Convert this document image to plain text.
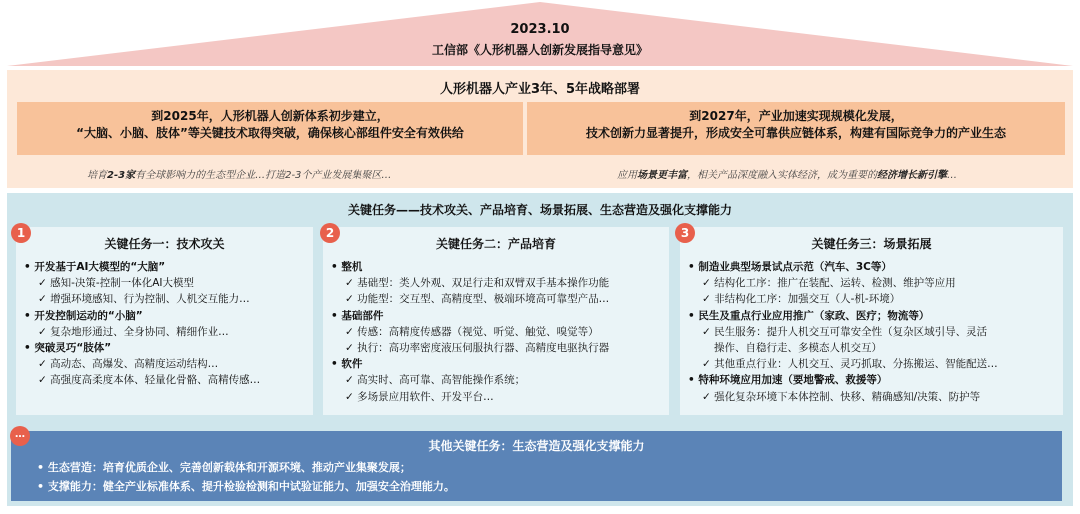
2023.10
工信部《人形机器人创新发展指导意见》
人形机器人产业3年、5年战略部署
到2025年，人形机器人创新体系初步建立，
“大脑、小脑、肢体”等关键技术取得突破，确保核心部组件安全有效供给
到2027年，产业加速实现规模化发展，
技术创新力显著提升，形成安全可靠供应链体系，构建有国际竞争力的产业生态
培育2-3家有全球影响力的生态型企业…打造2-3个产业发展集聚区…	应用场景更丰富，相关产品深度融入实体经济，成为重要的经济增长新引擎…
关键任务——技术攻关、产品培育、场景拓展、生态营造及强化支撑能力
关键任务一：技术攻关
• 开发基于AI大模型的“大脑”
✓ 感知-决策-控制一体化AI大模型
✓ 增强环境感知、行为控制、人机交互能力…
• 开发控制运动的“小脑”
✓ 复杂地形通过、全身协同、精细作业…
• 突破灵巧“肢体”
✓ 高动态、高爆发、高精度运动结构…
✓ 高强度高柔度本体、轻量化骨骼、高精传感…
关键任务二：产品培育
• 整机
✓ 基础型：类人外观、双足行走和双臂双手基本操作功能
✓ 功能型：交互型、高精度型、极端环境高可靠型产品…
• 基础部件
✓ 传感：高精度传感器（视觉、听觉、触觉、嗅觉等）
✓ 执行：高功率密度液压伺服执行器、高精度电驱执行器
• 软件
✓ 高实时、高可靠、高智能操作系统；
✓ 多场景应用软件、开发平台…
关键任务三：场景拓展
• 制造业典型场景试点示范（汽车、3C等）
✓ 结构化工序：推广在装配、运转、检测、维护等应用
✓ 非结构化工序：加强交互（人-机-环境）
• 民生及重点行业应用推广（家政、医疗；物流等）
✓ 民生服务：提升人机交互可靠安全性（复杂区域引导、灵活
操作、自稳行走、多模态人机交互）
✓ 其他重点行业：人机交互、灵巧抓取、分拣搬运、智能配送…
• 特种环境应用加速（要地警戒、救援等）
✓ 强化复杂环境下本体控制、快移、精确感知/决策、防护等
1	2	3
其他关键任务：生态营造及强化支撑能力
• 生态营造：培育优质企业、完善创新载体和开源环境、推动产业集聚发展；
• 支撑能力：健全产业标准体系、提升检验检测和中试验证能力、加强安全治理能力。
…
